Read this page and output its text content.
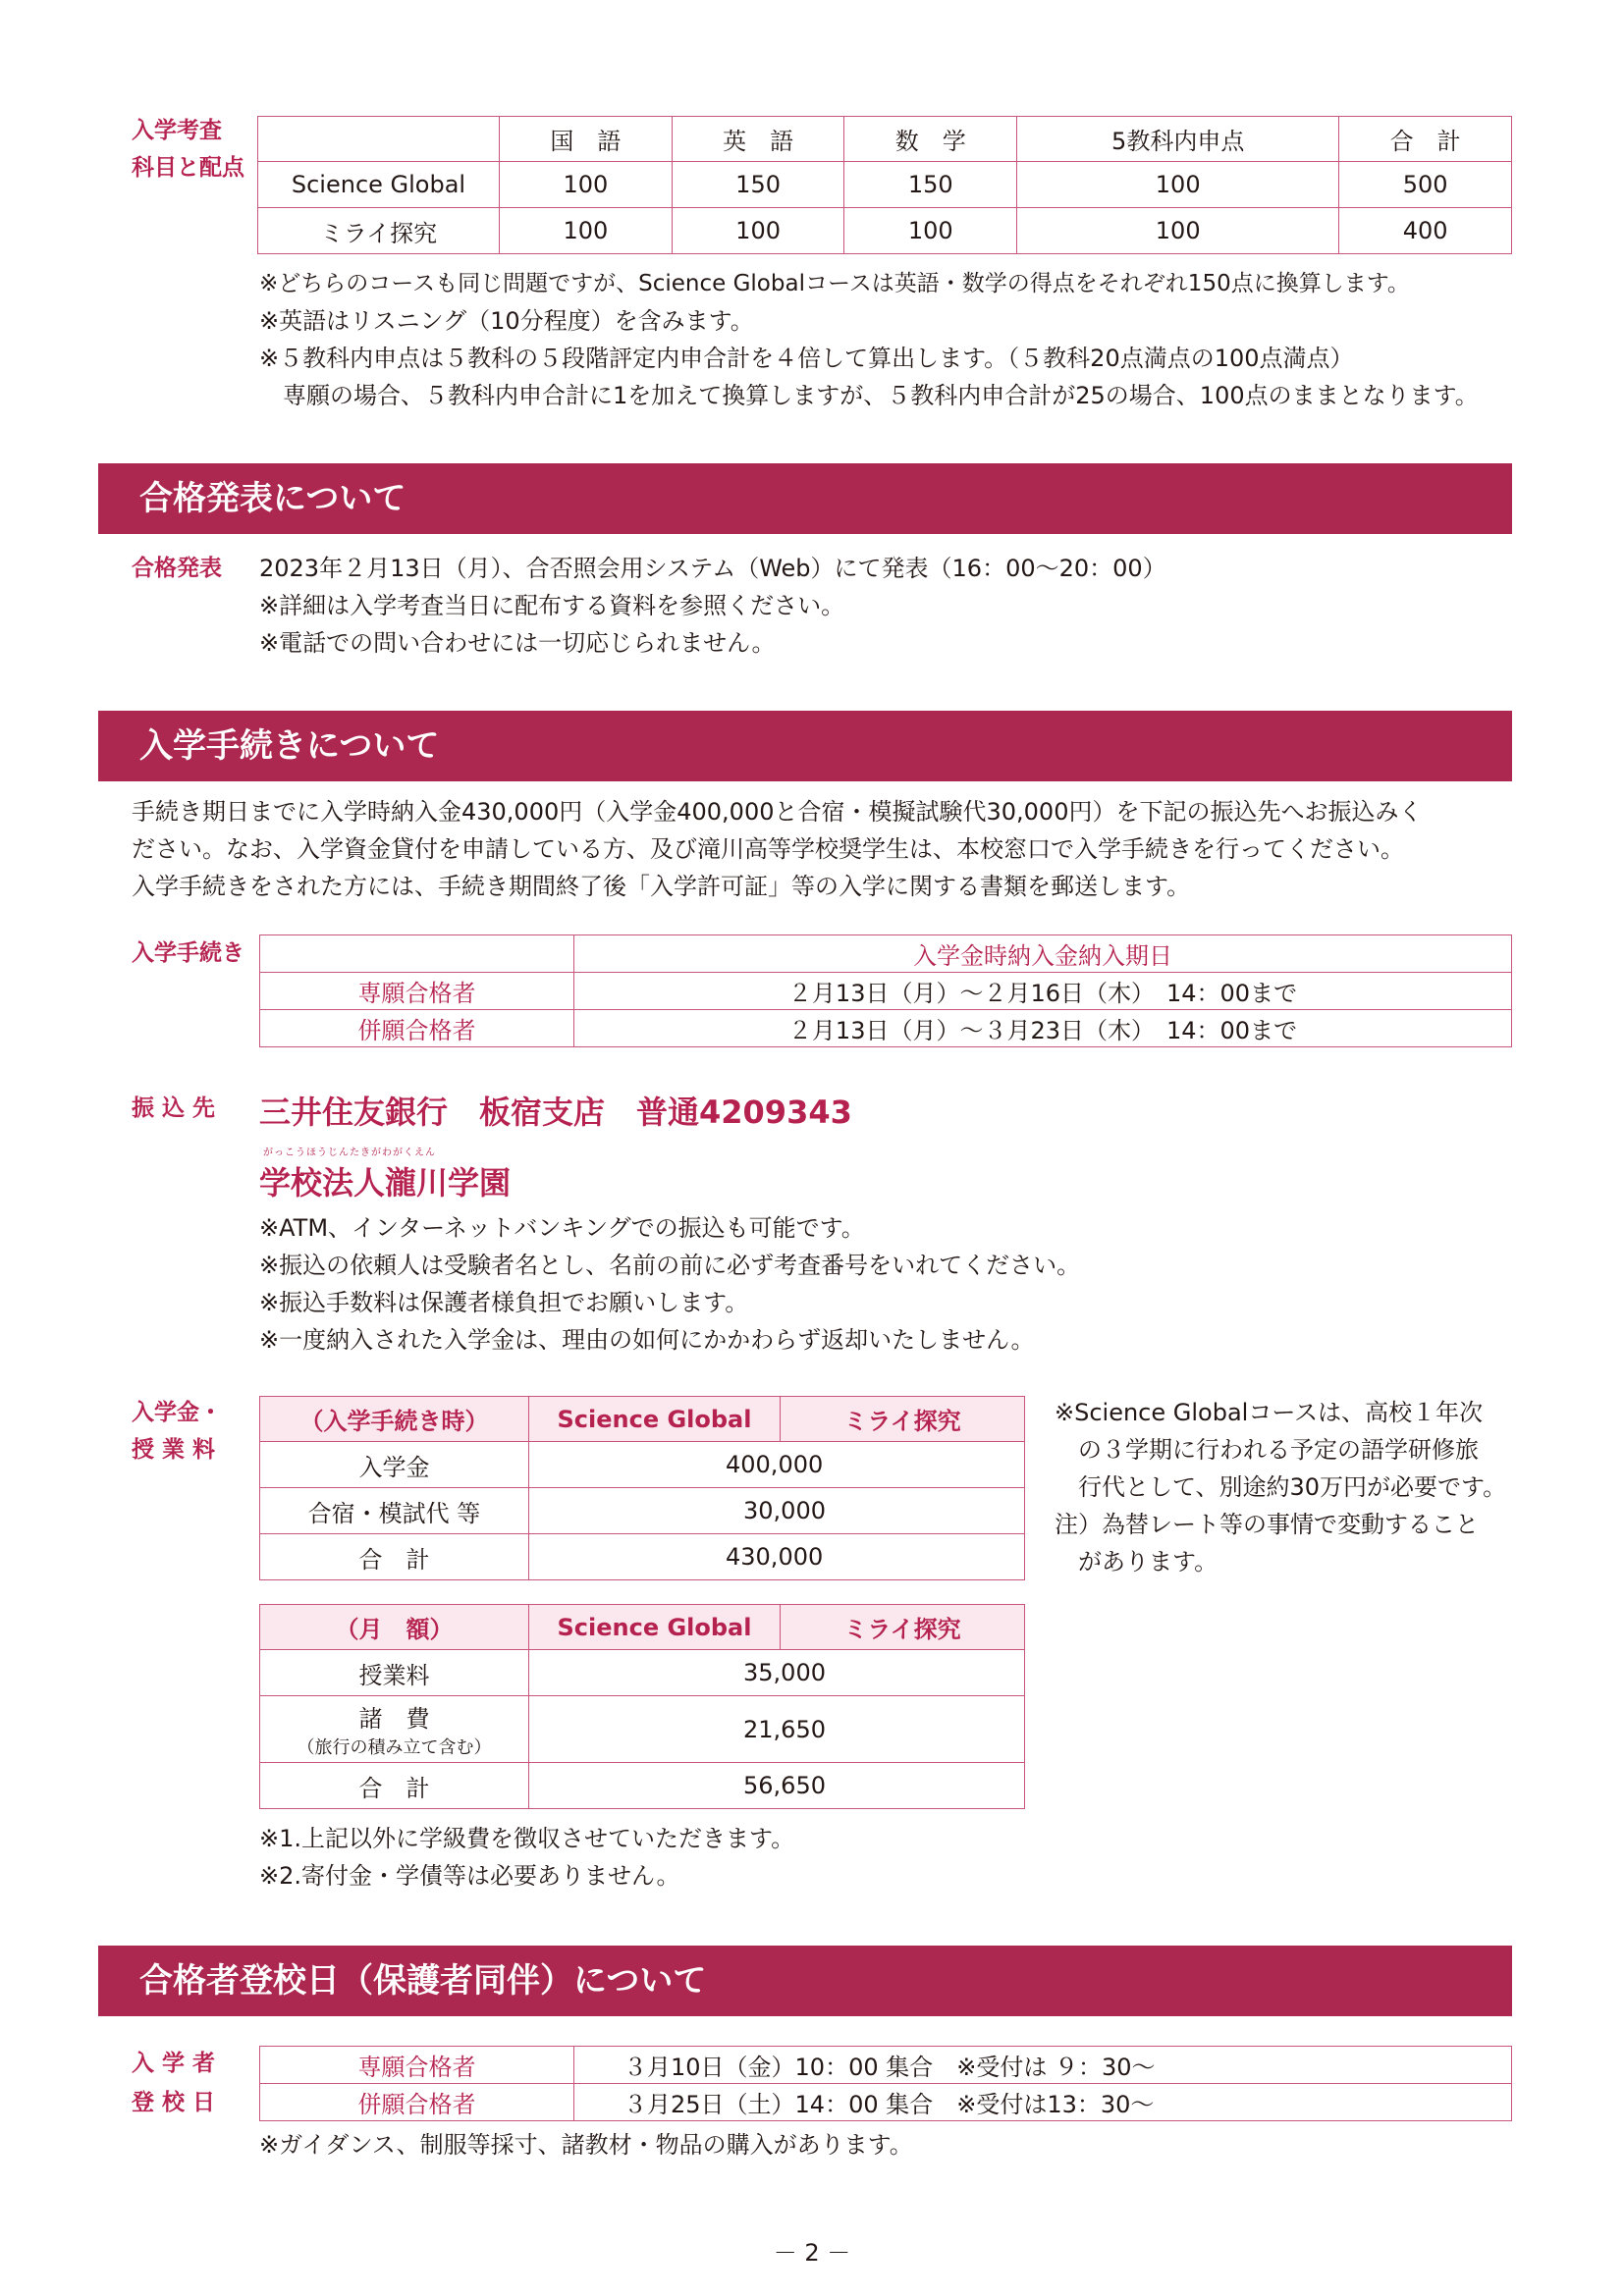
入学考査
科目と配点
	国　語	英　語	数　学	5教科内申点	合　計
Science Global	100	150	150	100	500
ミライ探究	100	100	100	100	400
※どちらのコースも同じ問題ですが、Science Globalコースは英語・数学の得点をそれぞれ150点に換算します。
※英語はリスニング（10分程度）を含みます。
※５教科内申点は５教科の５段階評定内申合計を４倍して算出します。（５教科20点満点の100点満点）
　専願の場合、５教科内申合計に1を加えて換算しますが、５教科内申合計が25の場合、100点のままとなります。
合格発表について
合格発表 2023年２月13日（月）、合否照会用システム（Web）にて発表（16：00～20：00）
※詳細は入学考査当日に配布する資料を参照ください。
※電話での問い合わせには一切応じられません。
入学手続きについて
手続き期日までに入学時納入金430,000円（入学金400,000と合宿・模擬試験代30,000円）を下記の振込先へお振込みく
ださい。なお、入学資金貸付を申請している方、及び滝川高等学校奨学生は、本校窓口で入学手続きを行ってください。
入学手続きをされた方には、手続き期間終了後「入学許可証」等の入学に関する書類を郵送します。
入学手続き
		入学金時納入金納入期日
専願合格者	２月13日（月）～２月16日（木）　14：00まで
併願合格者	２月13日（月）～３月23日（木）　14：00まで
振 込 先 三井住友銀行　板宿支店　普通4209343
がっこうほうじんたきがわがくえん
学校法人瀧川学園
※ATM、インターネットバンキングでの振込も可能です。
※振込の依頼人は受験者名とし、名前の前に必ず考査番号をいれてください。
※振込手数料は保護者様負担でお願いします。
※一度納入された入学金は、理由の如何にかかわらず返却いたしません。
入学金・
授 業 料
（入学手続き時）	Science Global	ミライ探究
入学金	400,000	
合宿・模試代 等	30,000	
合　計	430,000	
※Science Globalコースは、高校１年次
　の３学期に行われる予定の語学研修旅
　行代として、別途約30万円が必要です。
注）為替レート等の事情で変動すること
　があります。
（月　額）	Science Global	ミライ探究
授業料	35,000	

諸　費
（旅行の積み立て含む）	21,650	
合　計	56,650	
※1.上記以外に学級費を徴収させていただきます。
※2.寄付金・学債等は必要ありません。
合格者登校日（保護者同伴）について
入 学 者
登 校 日
専願合格者	３月10日（金）10：00 集合　※受付は ９：30～
併願合格者	３月25日（土）14：00 集合　※受付は13：30～
※ガイダンス、制服等採寸、諸教材・物品の購入があります。
－ 2 －
